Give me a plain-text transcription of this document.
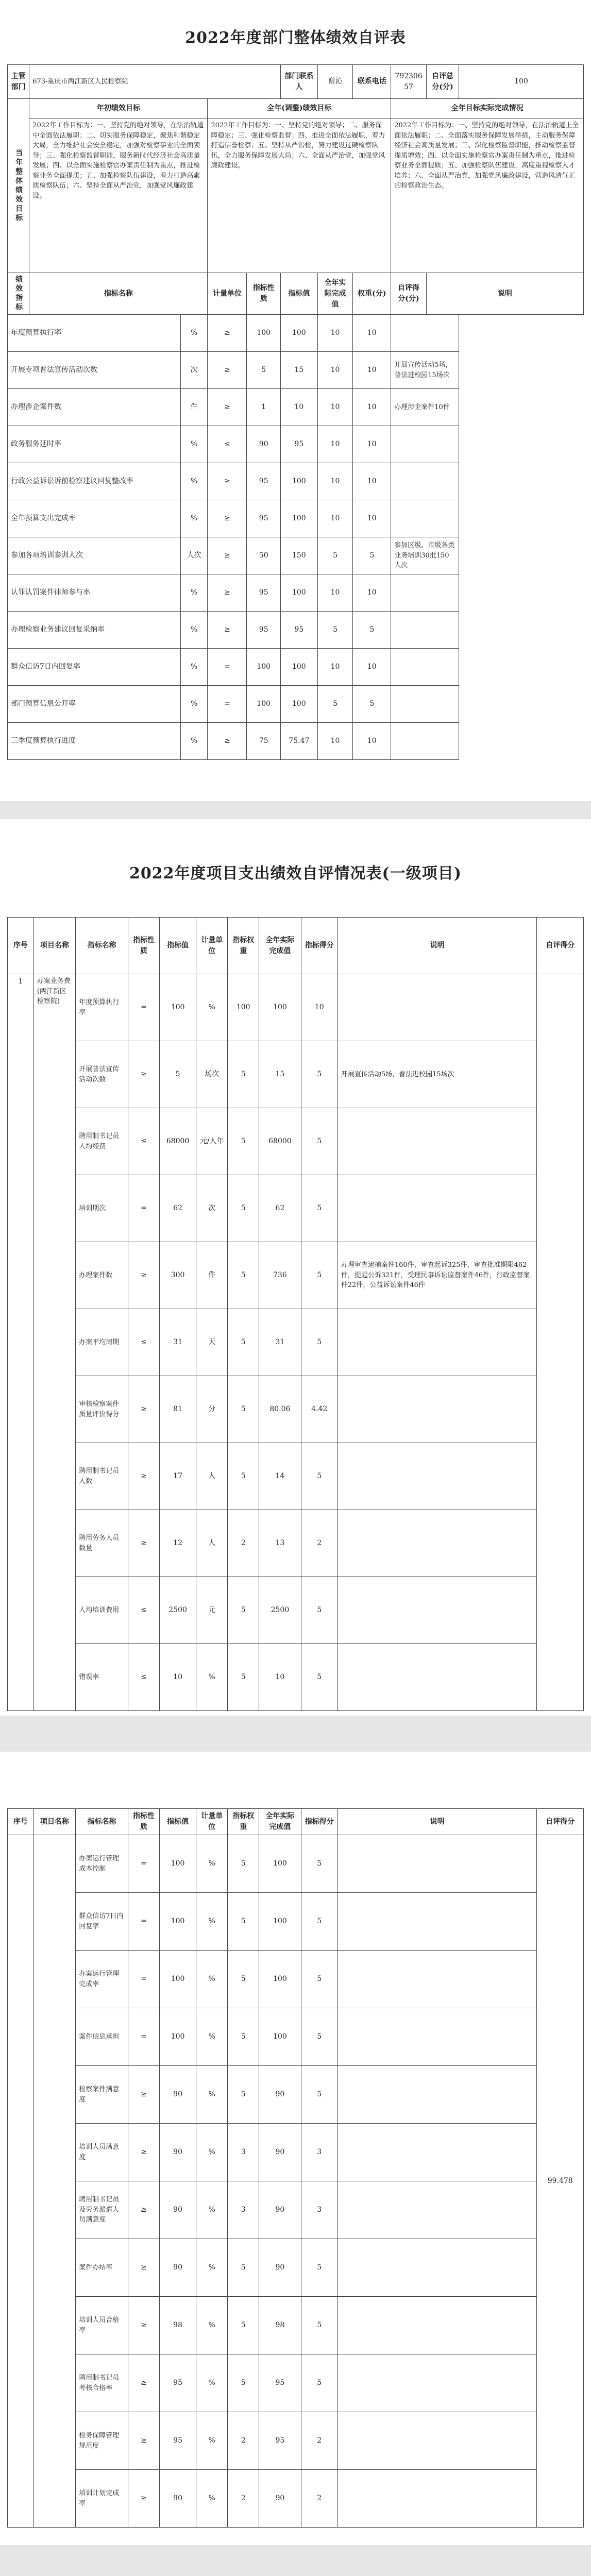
2022年度部门整体绩效自评表
主管部门	673-重庆市两江新区人民检察院				部门联系人	谢沁	联系电话	79230657	自评总分(分)	100
当年整体绩效目标	年初绩效目标		全年(调整)绩效目标					全年目标实际完成情况		
	2022年工作目标为：一、坚持党的绝对领导，在法治轨道中全面依法履职；二、切实服务保障稳定，聚焦和谐稳定大局，全力维护社会安全稳定，加强对检察事业的全面领导；三、强化检察监督职能，服务新时代经济社会高质量发展；四、以全面实施检察官办案责任制为重点，推进检察业务全面提质；五、加强检察队伍建设，着力打造高素质检察队伍；六、坚持全面从严治党，加强党风廉政建设。		2022年工作目标为：一、坚持党的绝对领导；二、服务保障稳定；三、强化检察监督；四、推进全面依法履职，着力打造信誉检察；五、坚持从严治检，努力建设过硬检察队伍，全力服务保障发展大局；六、全面从严治党，加强党风廉政建设。					2022年工作目标为：一、坚持党的绝对领导，在法治轨道上全面依法履职；二、全面落实服务保障发展举措，主动服务保障经济社会高质量发展；三、深化检察监督职能，推动检察监督提质增效；四、以全面实施检察官办案责任制为重点，推进检察业务全面提质；五、加强检察队伍建设，高度重视检察人才培养；六、全面从严治党，加强党风廉政建设，营造风清气正的检察政治生态。		
绩效指标	指标名称		计量单位	指标性质	指标值	全年实际完成值	权重(分)	自评得分(分)	说明	
年度预算执行率		%	≥	100	100	10	10			
开展专项普法宣传活动次数		次	≥	5	15	10	10	开展宣传活动5场，普法进校园15场次		
办理涉企案件数		件	≥	1	10	10	10	办理涉企案件10件		
政务服务延时率		%	≤	90	95	10	10			
行政公益诉讼诉前检察建议回复整改率		%	≥	95	100	10	10			
全年预算支出完成率		%	≥	95	100	10	10			
参加各项培训参训人次		人次	≥	50	150	5	5	参加区级、市级各类业务培训30批150人次		
认罪认罚案件律师参与率		%	≥	95	100	10	10			
办理检察业务建议回复采纳率		%	≥	95	95	5	5			
群众信访7日内回复率		%	=	100	100	10	10			
部门预算信息公开率		%	=	100	100	5	5			
三季度预算执行进度		%	≥	75	75.47	10	10			
2022年度项目支出绩效自评情况表(一级项目)
序号	项目名称	指标名称	指标性质	指标值	计量单位	指标权重	全年实际完成值	指标得分	说明	自评得分
1	办案业务费(两江新区检察院)	年度预算执行率	=	100	%	100	100	10		
		开展普法宣传活动次数	≥	5	场次	5	15	5	开展宣传活动5场，普法进校园15场次	
		聘用制书记员人均经费	≤	68000	元/人年	5	68000	5		
		培训期次	=	62	次	5	62	5		
		办理案件数	≥	300	件	5	736	5	办理审查逮捕案件160件，审查起诉325件，审查批准期限462件，提起公诉321件，受理民事诉讼监督案件46件，行政监督案件22件，公益诉讼案件46件	
		办案平均周期	≤	31	天	5	31	5		
		审核检察案件质量评价得分	≥	81	分	5	80.06	4.42		
		聘用制书记员人数	≥	17	人	5	14	5		
		聘用劳务人员数量	≥	12	人	2	13	2		
		人均培训费用	≤	2500	元	5	2500	5		
		错误率	≤	10	%	5	10	5		
序号	项目名称	指标名称	指标性质	指标值	计量单位	指标权重	全年实际完成值	指标得分	说明	自评得分
		办案运行管理成本控制	=	100	%	5	100	5		99.478
		群众信访7日内回复率	=	100	%	5	100	5		
		办案运行管理完成率	=	100	%	5	100	5		
		案件信息承担	=	100	%	5	100	5		
		检察案件满意度	≥	90	%	5	90	5		
		培训人员满意度	≥	90	%	3	90	3		
		聘用制书记员及劳务派遣人员满意度	≥	90	%	3	90	3		
		案件办结率	≥	90	%	5	90	5		
		培训人员合格率	≥	98	%	5	98	5		
		聘用制书记员考核合格率	≥	95	%	5	95	5		
		检务保障管理规范度	≥	95	%	2	95	2		
		培训计划完成率	≥	90	%	2	90	2		
